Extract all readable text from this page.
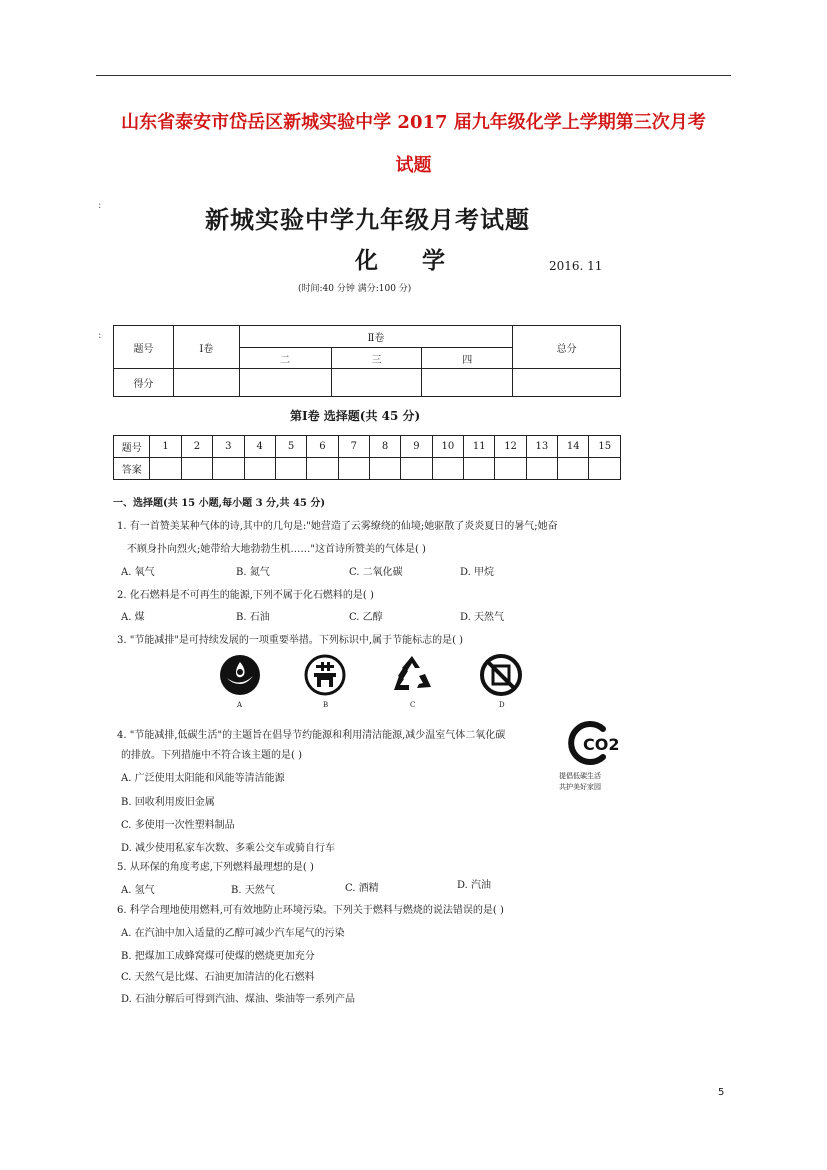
山东省泰安市岱岳区新城实验中学 2017 届九年级化学上学期第三次月考
试题
新城实验中学九年级月考试题
化 学	2016. 11
(时间:40 分钟 满分:100 分)
:
:
题号	Ⅰ卷	Ⅱ卷			总分
		二	三	四	
得分					
第Ⅰ卷 选择题(共 45 分)
题号	1	2	3	4	5	6	7	8	9	10	11	12	13	14	15
答案															
一、选择题(共 15 小题,每小题 3 分,共 45 分)
1. 有一首赞美某种气体的诗,其中的几句是:"她营造了云雾缭绕的仙境;她驱散了炎炎夏日的暑气;她奋
不顾身扑向烈火;她带给大地勃勃生机……"这首诗所赞美的气体是( )
A. 氧气	B. 氮气	C. 二氧化碳	D. 甲烷
2. 化石燃料是不可再生的能源,下列不属于化石燃料的是( )
A. 煤	B. 石油	C. 乙醇	D. 天然气
3. "节能减排"是可持续发展的一项重要举措。下列标识中,属于节能标志的是( )
A	B	C	D
4. "节能减排,低碳生活"的主题旨在倡导节约能源和利用清洁能源,减少温室气体二氧化碳
的排放。下列措施中不符合该主题的是( )
A. 广泛使用太阳能和风能等清洁能源
B. 回收利用废旧金属
C. 多使用一次性塑料制品
D. 减少使用私家车次数、多乘公交车或骑自行车
CO2
提倡低碳生活
共护美好家园
5. 从环保的角度考虑,下列燃料最理想的是( )
A. 氢气	B. 天然气	C. 酒精	D. 汽油
6. 科学合理地使用燃料,可有效地防止环境污染。下列关于燃料与燃烧的说法错误的是( )
A. 在汽油中加入适量的乙醇可减少汽车尾气的污染
B. 把煤加工成蜂窝煤可使煤的燃烧更加充分
C. 天然气是比煤、石油更加清洁的化石燃料
D. 石油分解后可得到汽油、煤油、柴油等一系列产品
5
